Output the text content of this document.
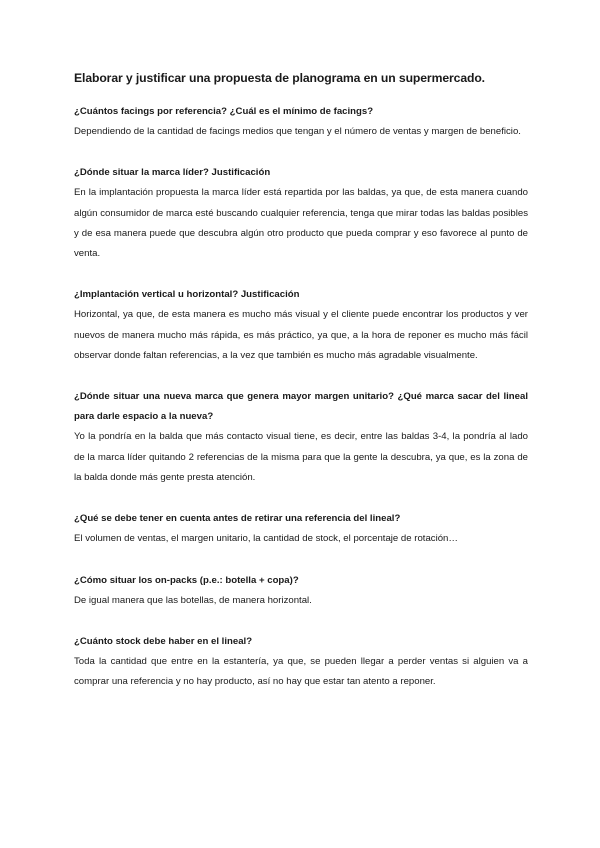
Elaborar y justificar una propuesta de planograma en un supermercado.

¿Cuántos facings por referencia? ¿Cuál es el mínimo de facings?

Dependiendo de la cantidad de facings medios que tengan y el número de ventas y margen de beneficio.

¿Dónde situar la marca líder? Justificación

En la implantación propuesta la marca líder está repartida por las baldas, ya que, de esta manera cuando algún consumidor de marca esté buscando cualquier referencia, tenga que mirar todas las baldas posibles y de esa manera puede que descubra algún otro producto que pueda comprar y eso favorece al punto de venta.

¿Implantación vertical u horizontal? Justificación

Horizontal, ya que, de esta manera es mucho más visual y el cliente puede encontrar los productos y ver nuevos de manera mucho más rápida, es más práctico, ya que, a la hora de reponer es mucho más fácil observar donde faltan referencias, a la vez que también es mucho más agradable visualmente.

¿Dónde situar una nueva marca que genera mayor margen unitario? ¿Qué marca sacar del lineal para darle espacio a la nueva?

Yo la pondría en la balda que más contacto visual tiene, es decir, entre las baldas 3-4, la pondría al lado de la marca líder quitando 2 referencias de la misma para que la gente la descubra, ya que, es la zona de la balda donde más gente presta atención.

¿Qué se debe tener en cuenta antes de retirar una referencia del lineal?

El volumen de ventas, el margen unitario, la cantidad de stock, el porcentaje de rotación…

¿Cómo situar los on-packs (p.e.: botella + copa)?

De igual manera que las botellas, de manera horizontal.

¿Cuánto stock debe haber en el lineal?

Toda la cantidad que entre en la estantería, ya que, se pueden llegar a perder ventas si alguien va a comprar una referencia y no hay producto, así no hay que estar tan atento a reponer.
